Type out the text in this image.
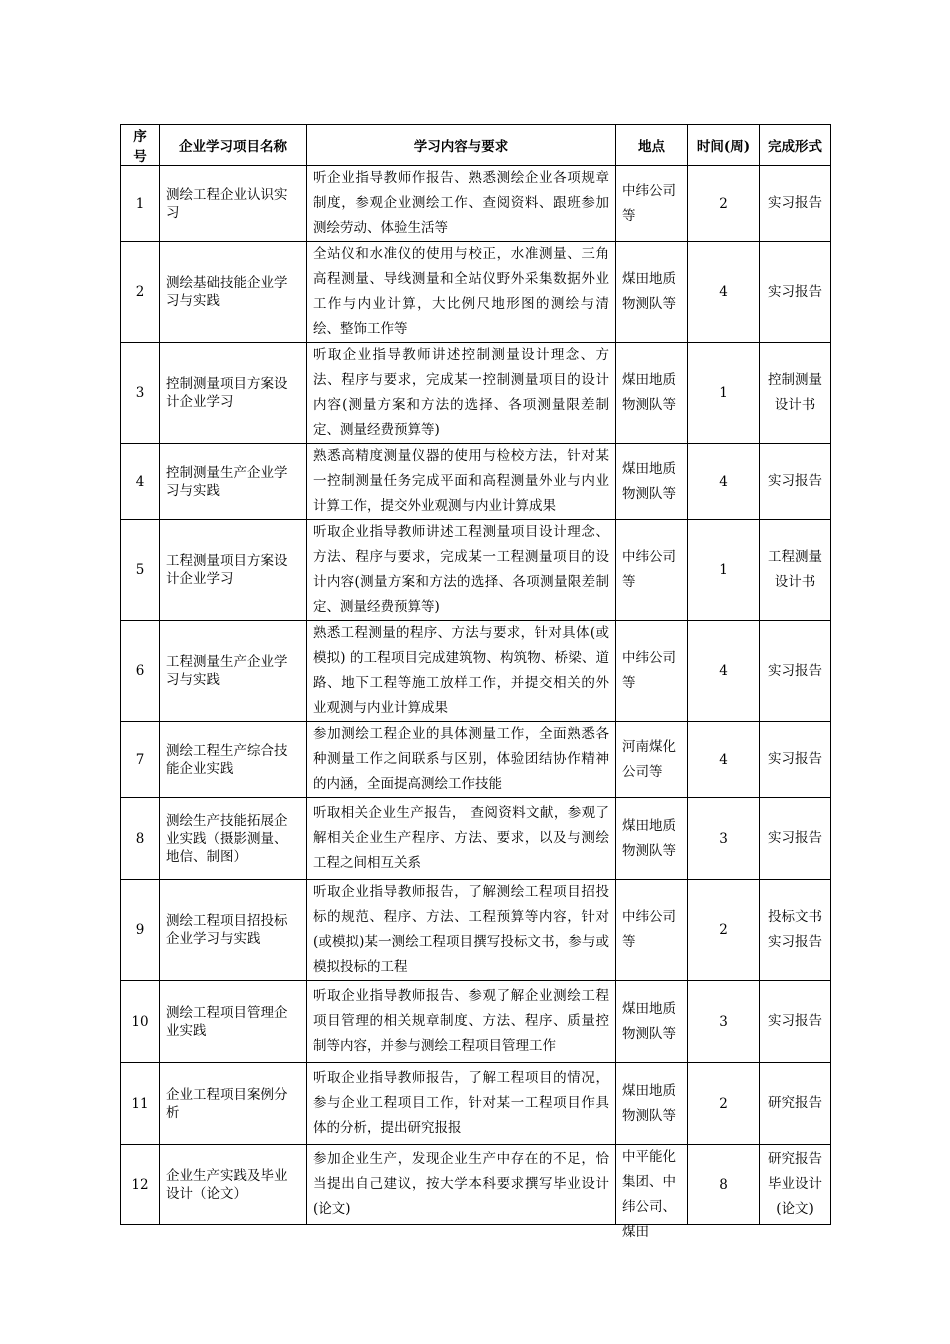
序号	企业学习项目名称	学习内容与要求	地点	时间(周)	完成形式
1	测绘工程企业认识实习	听企业指导教师作报告、熟悉测绘企业各项规章制度，参观企业测绘工作、查阅资料、跟班参加测绘劳动、体验生活等	中纬公司等	2	实习报告
2	测绘基础技能企业学习与实践	全站仪和水准仪的使用与校正，水准测量、三角高程测量、导线测量和全站仪野外采集数据外业工作与内业计算，大比例尺地形图的测绘与清绘、整饰工作等	煤田地质物测队等	4	实习报告
3	控制测量项目方案设计企业学习	听取企业指导教师讲述控制测量设计理念、方法、程序与要求，完成某一控制测量项目的设计内容(测量方案和方法的选择、各项测量限差制定、测量经费预算等)	煤田地质物测队等	1	控制测量设计书
4	控制测量生产企业学习与实践	熟悉高精度测量仪器的使用与检校方法，针对某一控制测量任务完成平面和高程测量外业与内业计算工作，提交外业观测与内业计算成果	煤田地质物测队等	4	实习报告
5	工程测量项目方案设计企业学习	听取企业指导教师讲述工程测量项目设计理念、方法、程序与要求，完成某一工程测量项目的设计内容(测量方案和方法的选择、各项测量限差制定、测量经费预算等)	中纬公司等	1	工程测量设计书
6	工程测量生产企业学习与实践	熟悉工程测量的程序、方法与要求，针对具体(或模拟) 的工程项目完成建筑物、构筑物、桥梁、道路、地下工程等施工放样工作，并提交相关的外业观测与内业计算成果	中纬公司等	4	实习报告
7	测绘工程生产综合技能企业实践	参加测绘工程企业的具体测量工作，全面熟悉各种测量工作之间联系与区别，体验团结协作精神的内涵，全面提高测绘工作技能	河南煤化公司等	4	实习报告
8	测绘生产技能拓展企业实践（摄影测量、地信、制图）	听取相关企业生产报告， 查阅资料文献，参观了解相关企业生产程序、方法、要求，以及与测绘工程之间相互关系	煤田地质物测队等	3	实习报告
9	测绘工程项目招投标企业学习与实践	听取企业指导教师报告，了解测绘工程项目招投标的规范、程序、方法、工程预算等内容，针对(或模拟)某一测绘工程项目撰写投标文书，参与或模拟投标的工程	中纬公司等	2	投标文书 实习报告
10	测绘工程项目管理企业实践	听取企业指导教师报告、参观了解企业测绘工程项目管理的相关规章制度、方法、程序、质量控制等内容，并参与测绘工程项目管理工作	煤田地质物测队等	3	实习报告
11	企业工程项目案例分析	听取企业指导教师报告，了解工程项目的情况，参与企业工程项目工作，针对某一工程项目作具体的分析，提出研究报报	煤田地质物测队等	2	研究报告
12	企业生产实践及毕业设计（论文）	参加企业生产，发现企业生产中存在的不足，恰当提出自己建议，按大学本科要求撰写毕业设计(论文)	中平能化集团、中纬公司、煤田	8	研究报告 毕业设计(论文)
